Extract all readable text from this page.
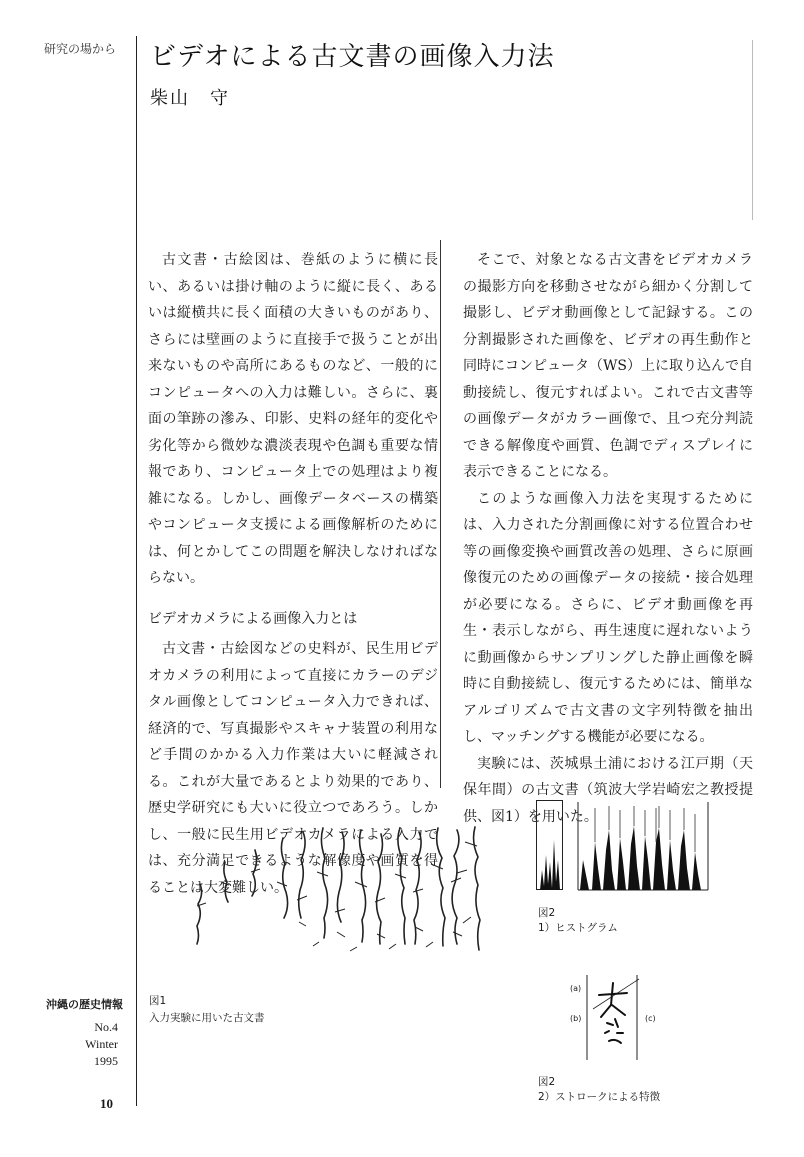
研究の場から ビデオによる古文書の画像入力法
柴山　守

古文書・古絵図は、巻紙のように横に長い、あるいは掛け軸のように縦に長く、あるいは縦横共に長く面積の大きいものがあり、さらには壁画のように直接手で扱うことが出来ないものや高所にあるものなど、一般的にコンピュータへの入力は難しい。さらに、裏面の筆跡の滲み、印影、史料の経年的変化や劣化等から微妙な濃淡表現や色調も重要な情報であり、コンピュータ上での処理はより複雑になる。しかし、画像データベースの構築やコンピュータ支援による画像解析のためには、何とかしてこの問題を解決しなければならない。

ビデオカメラによる画像入力とは

古文書・古絵図などの史料が、民生用ビデオカメラの利用によって直接にカラーのデジタル画像としてコンピュータ入力できれば、経済的で、写真撮影やスキャナ装置の利用など手間のかかる入力作業は大いに軽減される。これが大量であるとより効果的であり、歴史学研究にも大いに役立つであろう。しかし、一般に民生用ビデオカメラによる入力では、充分満足できるような解像度や画質を得ることは大変難しい。

そこで、対象となる古文書をビデオカメラの撮影方向を移動させながら細かく分割して撮影し、ビデオ動画像として記録する。この分割撮影された画像を、ビデオの再生動作と同時にコンピュータ（WS）上に取り込んで自動接続し、復元すればよい。これで古文書等の画像データがカラー画像で、且つ充分判読できる解像度や画質、色調でディスプレイに表示できることになる。

このような画像入力法を実現するためには、入力された分割画像に対する位置合わせ等の画像変換や画質改善の処理、さらに原画像復元のための画像データの接続・接合処理が必要になる。さらに、ビデオ動画像を再生・表示しながら、再生速度に遅れないように動画像からサンプリングした静止画像を瞬時に自動接続し、復元するためには、簡単なアルゴリズムで古文書の文字列特徴を抽出し、マッチングする機能が必要になる。

実験には、茨城県土浦における江戸期（天保年間）の古文書（筑波大学岩崎宏之教授提供、図1）を用いた。

図1
入力実験に用いた古文書
図2
1）ヒストグラム
(a)
(b)	(c)
図2
2）ストロークによる特徴
沖縄の歴史情報
No.4
Winter
1995
10
